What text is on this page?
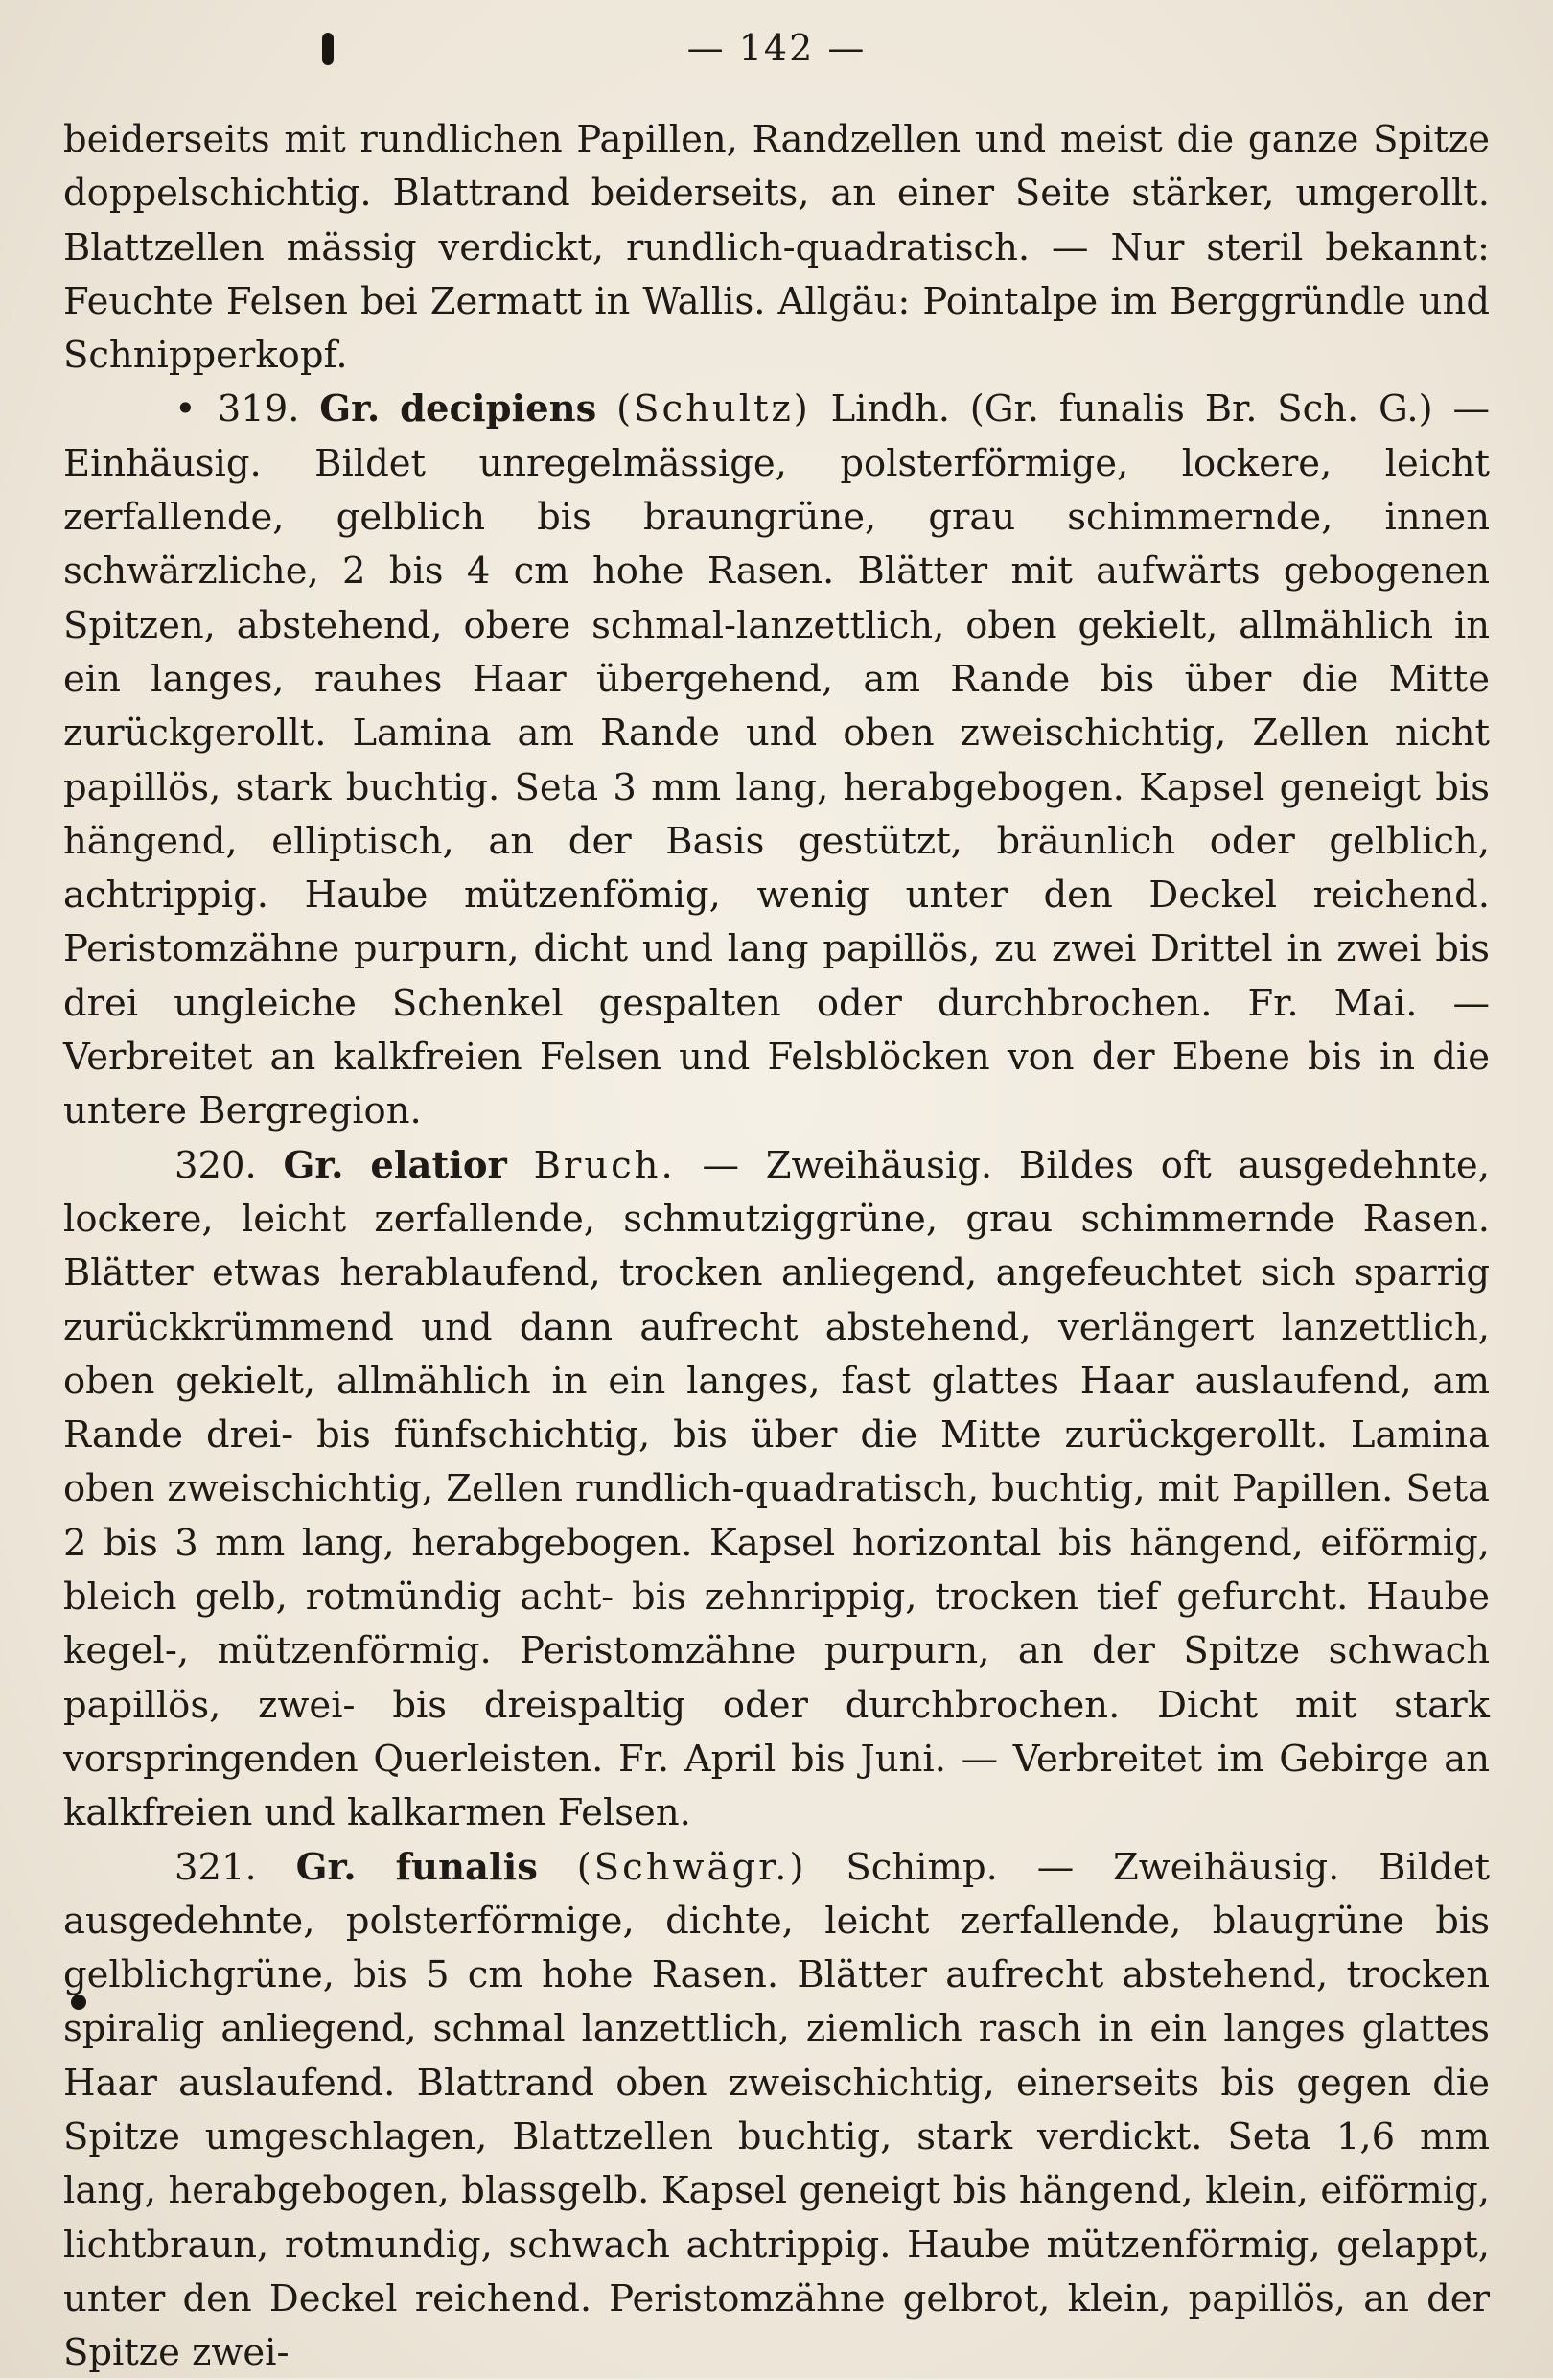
— 142 —

beiderseits mit rundlichen Papillen, Randzellen und meist die ganze Spitze doppelschichtig. Blattrand beiderseits, an einer Seite stärker, umgerollt. Blattzellen mässig verdickt, rundlich-quadratisch. — Nur steril bekannt: Feuchte Felsen bei Zermatt in Wallis. Allgäu: Pointalpe im Berggründle und Schnipperkopf.

• 319. Gr. decipiens (Schultz) Lindh. (Gr. funalis Br. Sch. G.) — Einhäusig. Bildet unregelmässige, polsterförmige, lockere, leicht zerfallende, gelblich bis braungrüne, grau schimmernde, innen schwärzliche, 2 bis 4 cm hohe Rasen. Blätter mit aufwärts gebogenen Spitzen, abstehend, obere schmal-lanzettlich, oben gekielt, allmählich in ein langes, rauhes Haar übergehend, am Rande bis über die Mitte zurückgerollt. Lamina am Rande und oben zweischichtig, Zellen nicht papillös, stark buchtig. Seta 3 mm lang, herabgebogen. Kapsel geneigt bis hängend, elliptisch, an der Basis gestützt, bräunlich oder gelblich, achtrippig. Haube mützenfömig, wenig unter den Deckel reichend. Peristomzähne purpurn, dicht und lang papillös, zu zwei Drittel in zwei bis drei ungleiche Schenkel gespalten oder durchbrochen. Fr. Mai. — Verbreitet an kalkfreien Felsen und Felsblöcken von der Ebene bis in die untere Bergregion.

320. Gr. elatior Bruch. — Zweihäusig. Bildes oft ausgedehnte, lockere, leicht zerfallende, schmutziggrüne, grau schimmernde Rasen. Blätter etwas herablaufend, trocken anliegend, angefeuchtet sich sparrig zurückkrümmend und dann aufrecht abstehend, verlängert lanzettlich, oben gekielt, allmählich in ein langes, fast glattes Haar auslaufend, am Rande drei- bis fünfschichtig, bis über die Mitte zurückgerollt. Lamina oben zweischichtig, Zellen rundlich-quadratisch, buchtig, mit Papillen. Seta 2 bis 3 mm lang, herabgebogen. Kapsel horizontal bis hängend, eiförmig, bleich gelb, rotmündig acht- bis zehnrippig, trocken tief gefurcht. Haube kegel-, mützenförmig. Peristomzähne purpurn, an der Spitze schwach papillös, zwei- bis dreispaltig oder durchbrochen. Dicht mit stark vorspringenden Querleisten. Fr. April bis Juni. — Verbreitet im Gebirge an kalkfreien und kalkarmen Felsen.

321. Gr. funalis (Schwägr.) Schimp. — Zweihäusig. Bildet ausgedehnte, polsterförmige, dichte, leicht zerfallende, blaugrüne bis gelblichgrüne, bis 5 cm hohe Rasen. Blätter aufrecht abstehend, trocken spiralig anliegend, schmal lanzettlich, ziemlich rasch in ein langes glattes Haar auslaufend. Blattrand oben zweischichtig, einerseits bis gegen die Spitze umgeschlagen, Blattzellen buchtig, stark verdickt. Seta 1,6 mm lang, herabgebogen, blassgelb. Kapsel geneigt bis hängend, klein, eiförmig, lichtbraun, rotmundig, schwach achtrippig. Haube mützenförmig, gelappt, unter den Deckel reichend. Peristomzähne gelbrot, klein, papillös, an der Spitze zwei-
